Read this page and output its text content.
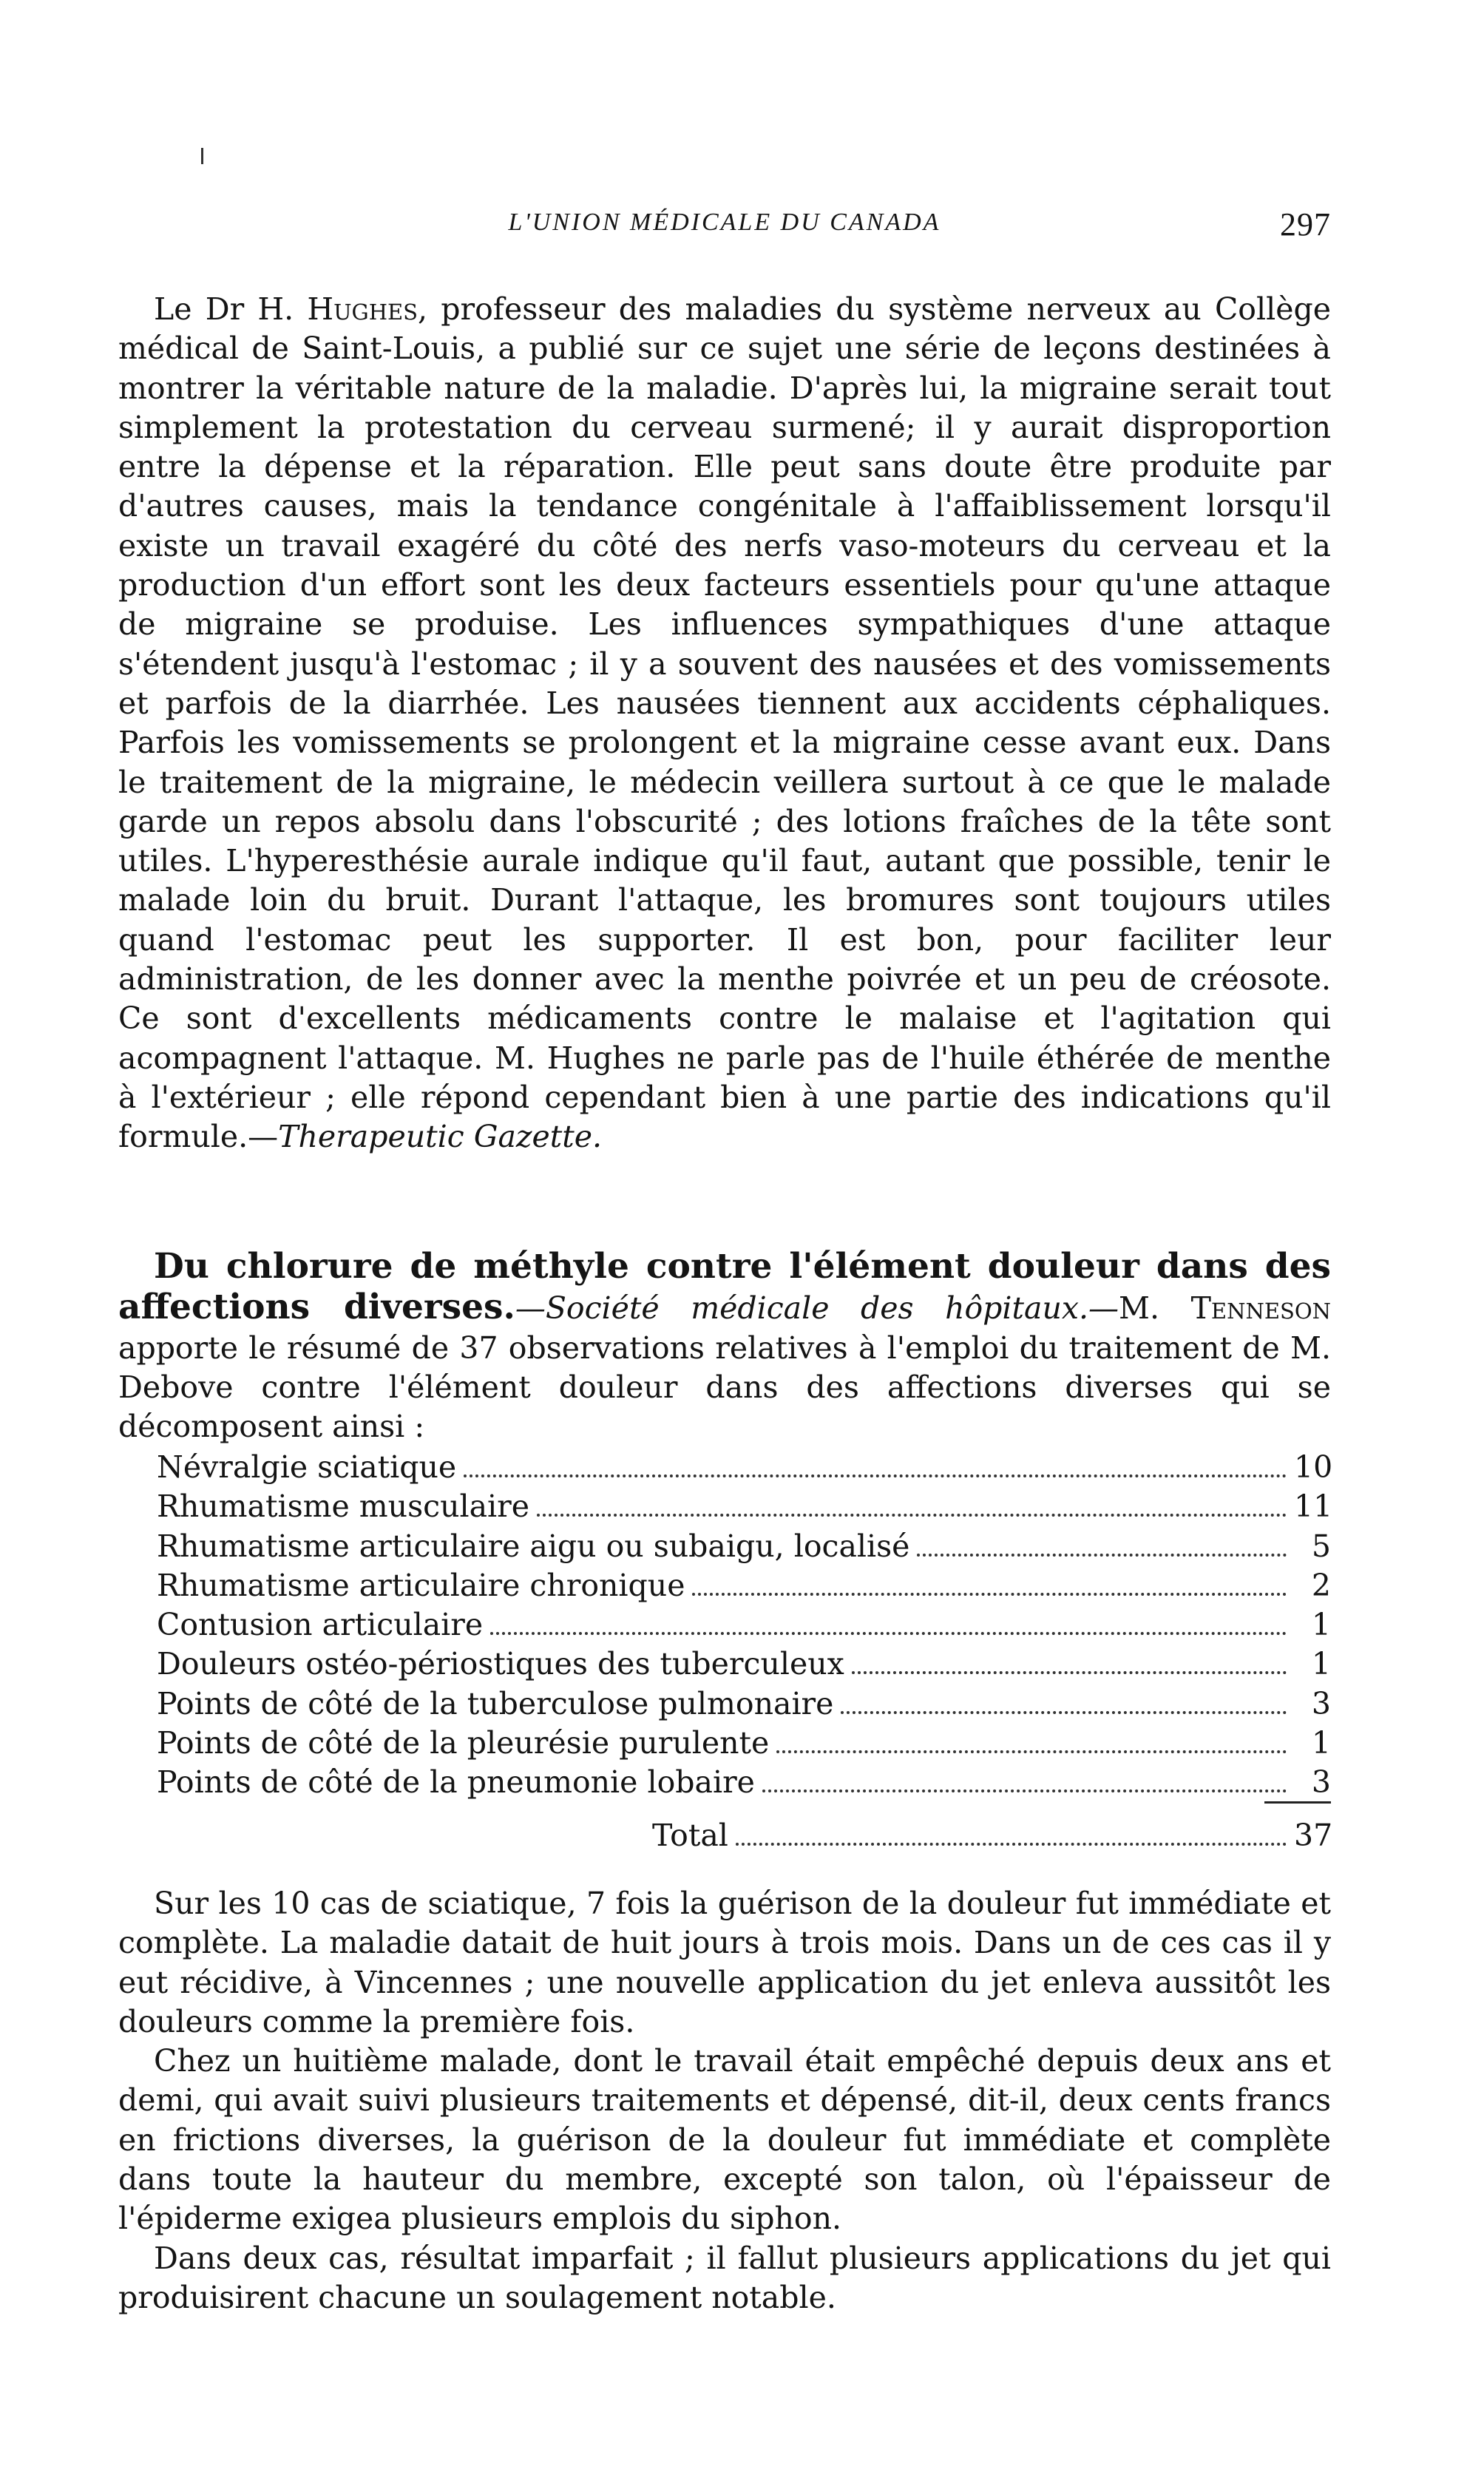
L'UNION MÉDICALE DU CANADA	297

Le Dr H. Hughes, professeur des maladies du système nerveux au Collège médical de Saint-Louis, a publié sur ce sujet une série de leçons destinées à montrer la véritable nature de la maladie. D'après lui, la migraine serait tout simplement la protestation du cerveau surmené; il y aurait disproportion entre la dépense et la réparation. Elle peut sans doute être produite par d'autres causes, mais la tendance congénitale à l'affaiblissement lorsqu'il existe un travail exagéré du côté des nerfs vaso-moteurs du cerveau et la production d'un effort sont les deux facteurs essentiels pour qu'une attaque de migraine se produise. Les influences sympathiques d'une attaque s'étendent jusqu'à l'estomac ; il y a souvent des nausées et des vomissements et parfois de la diarrhée. Les nausées tiennent aux accidents céphaliques. Parfois les vomissements se prolongent et la migraine cesse avant eux. Dans le traitement de la migraine, le médecin veillera surtout à ce que le malade garde un repos absolu dans l'obscurité ; des lotions fraîches de la tête sont utiles. L'hyperesthésie aurale indique qu'il faut, autant que possible, tenir le malade loin du bruit. Durant l'attaque, les bromures sont toujours utiles quand l'estomac peut les supporter. Il est bon, pour faciliter leur administration, de les donner avec la menthe poivrée et un peu de créosote. Ce sont d'excellents médicaments contre le malaise et l'agitation qui acompagnent l'attaque. M. Hughes ne parle pas de l'huile éthérée de menthe à l'extérieur ; elle répond cependant bien à une partie des indications qu'il formule.—Therapeutic Gazette.

Du chlorure de méthyle contre l'élément douleur dans des affections diverses.—Société médicale des hôpitaux.—M. Tenneson apporte le résumé de 37 observations relatives à l'emploi du traitement de M. Debove contre l'élément douleur dans des affections diverses qui se décomposent ainsi :

Névralgie sciatique	10
Rhumatisme musculaire	11
Rhumatisme articulaire aigu ou subaigu, localisé	5
Rhumatisme articulaire chronique	2
Contusion articulaire	1
Douleurs ostéo-périostiques des tuberculeux	1
Points de côté de la tuberculose pulmonaire	3
Points de côté de la pleurésie purulente	1
Points de côté de la pneumonie lobaire	3
Total	37

Sur les 10 cas de sciatique, 7 fois la guérison de la douleur fut immédiate et complète. La maladie datait de huit jours à trois mois. Dans un de ces cas il y eut récidive, à Vincennes ; une nouvelle application du jet enleva aussitôt les douleurs comme la première fois.

Chez un huitième malade, dont le travail était empêché depuis deux ans et demi, qui avait suivi plusieurs traitements et dépensé, dit-il, deux cents francs en frictions diverses, la guérison de la douleur fut immédiate et complète dans toute la hauteur du membre, excepté son talon, où l'épaisseur de l'épiderme exigea plusieurs emplois du siphon.

Dans deux cas, résultat imparfait ; il fallut plusieurs applications du jet qui produisirent chacune un soulagement notable.
